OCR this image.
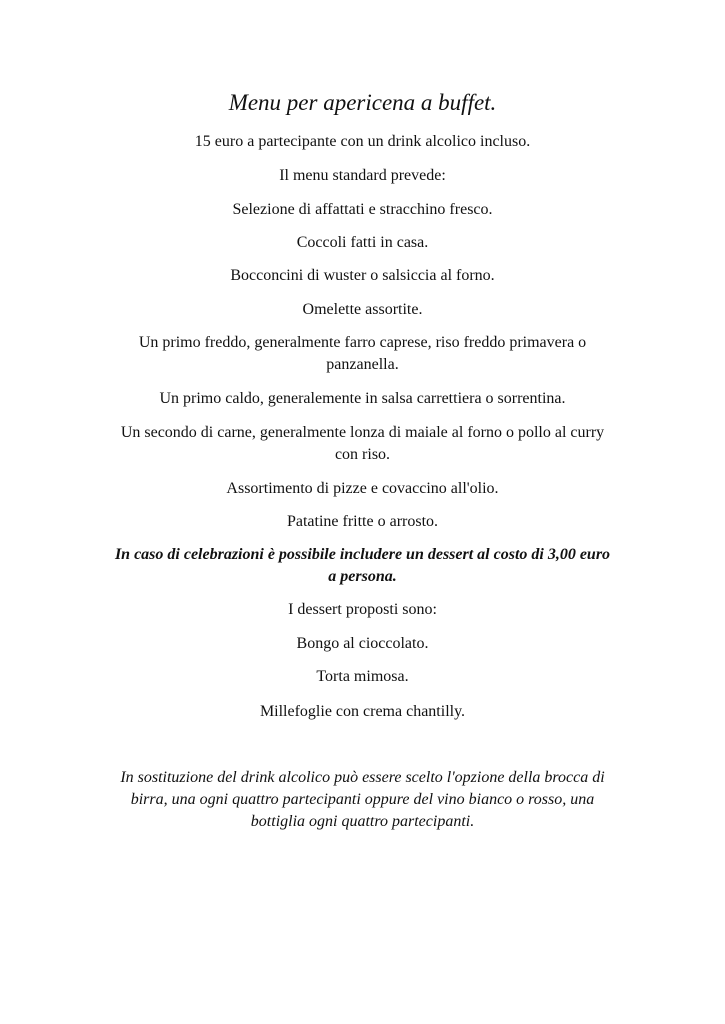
Menu per apericena a buffet.

15 euro a partecipante con un drink alcolico incluso.

Il menu standard prevede:

Selezione di affattati e stracchino fresco.

Coccoli fatti in casa.

Bocconcini di wuster o salsiccia al forno.

Omelette assortite.

Un primo freddo, generalmente farro caprese, riso freddo primavera o panzanella.

Un primo caldo, generalemente in salsa carrettiera o sorrentina.

Un secondo di carne, generalmente lonza di maiale al forno o pollo al curry con riso.

Assortimento di pizze e covaccino all'olio.

Patatine fritte o arrosto.

In caso di celebrazioni è possibile includere un dessert al costo di 3,00 euro a persona.

I dessert proposti sono:

Bongo al cioccolato.

Torta mimosa.

Millefoglie con crema chantilly.

In sostituzione del drink alcolico può essere scelto l'opzione della brocca di birra, una ogni quattro partecipanti oppure del vino bianco o rosso, una bottiglia ogni quattro partecipanti.
